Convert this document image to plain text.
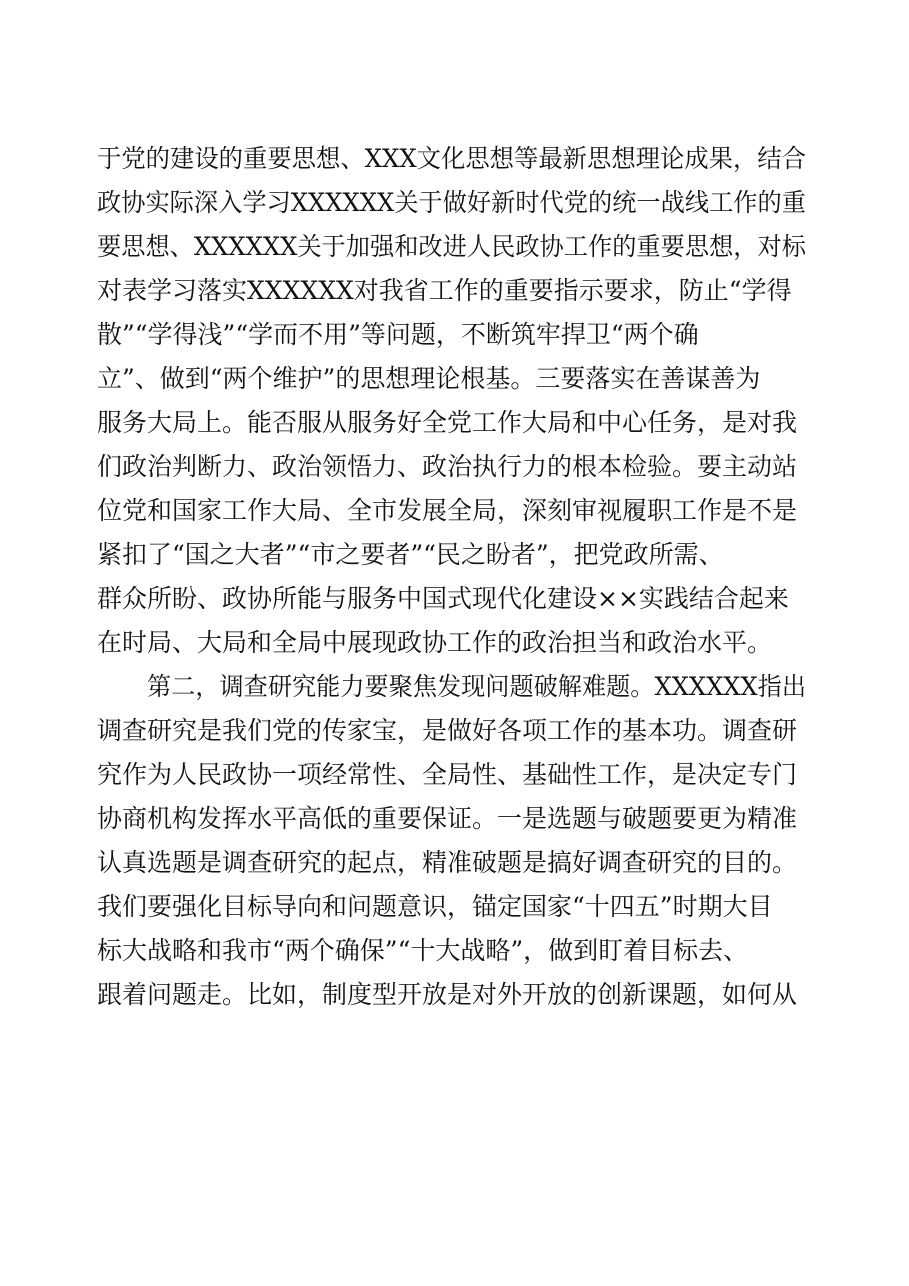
于党的建设的重要思想、XXX文化思想等最新思想理论成果，结合
政协实际深入学习XXXXXX关于做好新时代党的统一战线工作的重
要思想、XXXXXX关于加强和改进人民政协工作的重要思想，对标
对表学习落实XXXXXX对我省工作的重要指示要求，防止“学得
散”“学得浅”“学而不用”等问题，不断筑牢捍卫“两个确
立”、做到“两个维护”的思想理论根基。三要落实在善谋善为
服务大局上。能否服从服务好全党工作大局和中心任务，是对我
们政治判断力、政治领悟力、政治执行力的根本检验。要主动站
位党和国家工作大局、全市发展全局，深刻审视履职工作是不是
紧扣了“国之大者”“市之要者”“民之盼者”，把党政所需、
群众所盼、政协所能与服务中国式现代化建设××实践结合起来
在时局、大局和全局中展现政协工作的政治担当和政治水平。
第二，调查研究能力要聚焦发现问题破解难题。XXXXXX指出
调查研究是我们党的传家宝，是做好各项工作的基本功。调查研
究作为人民政协一项经常性、全局性、基础性工作，是决定专门
协商机构发挥水平高低的重要保证。一是选题与破题要更为精准
认真选题是调查研究的起点，精准破题是搞好调查研究的目的。
我们要强化目标导向和问题意识，锚定国家“十四五”时期大目
标大战略和我市“两个确保”“十大战略”，做到盯着目标去、
跟着问题走。比如，制度型开放是对外开放的创新课题，如何从
